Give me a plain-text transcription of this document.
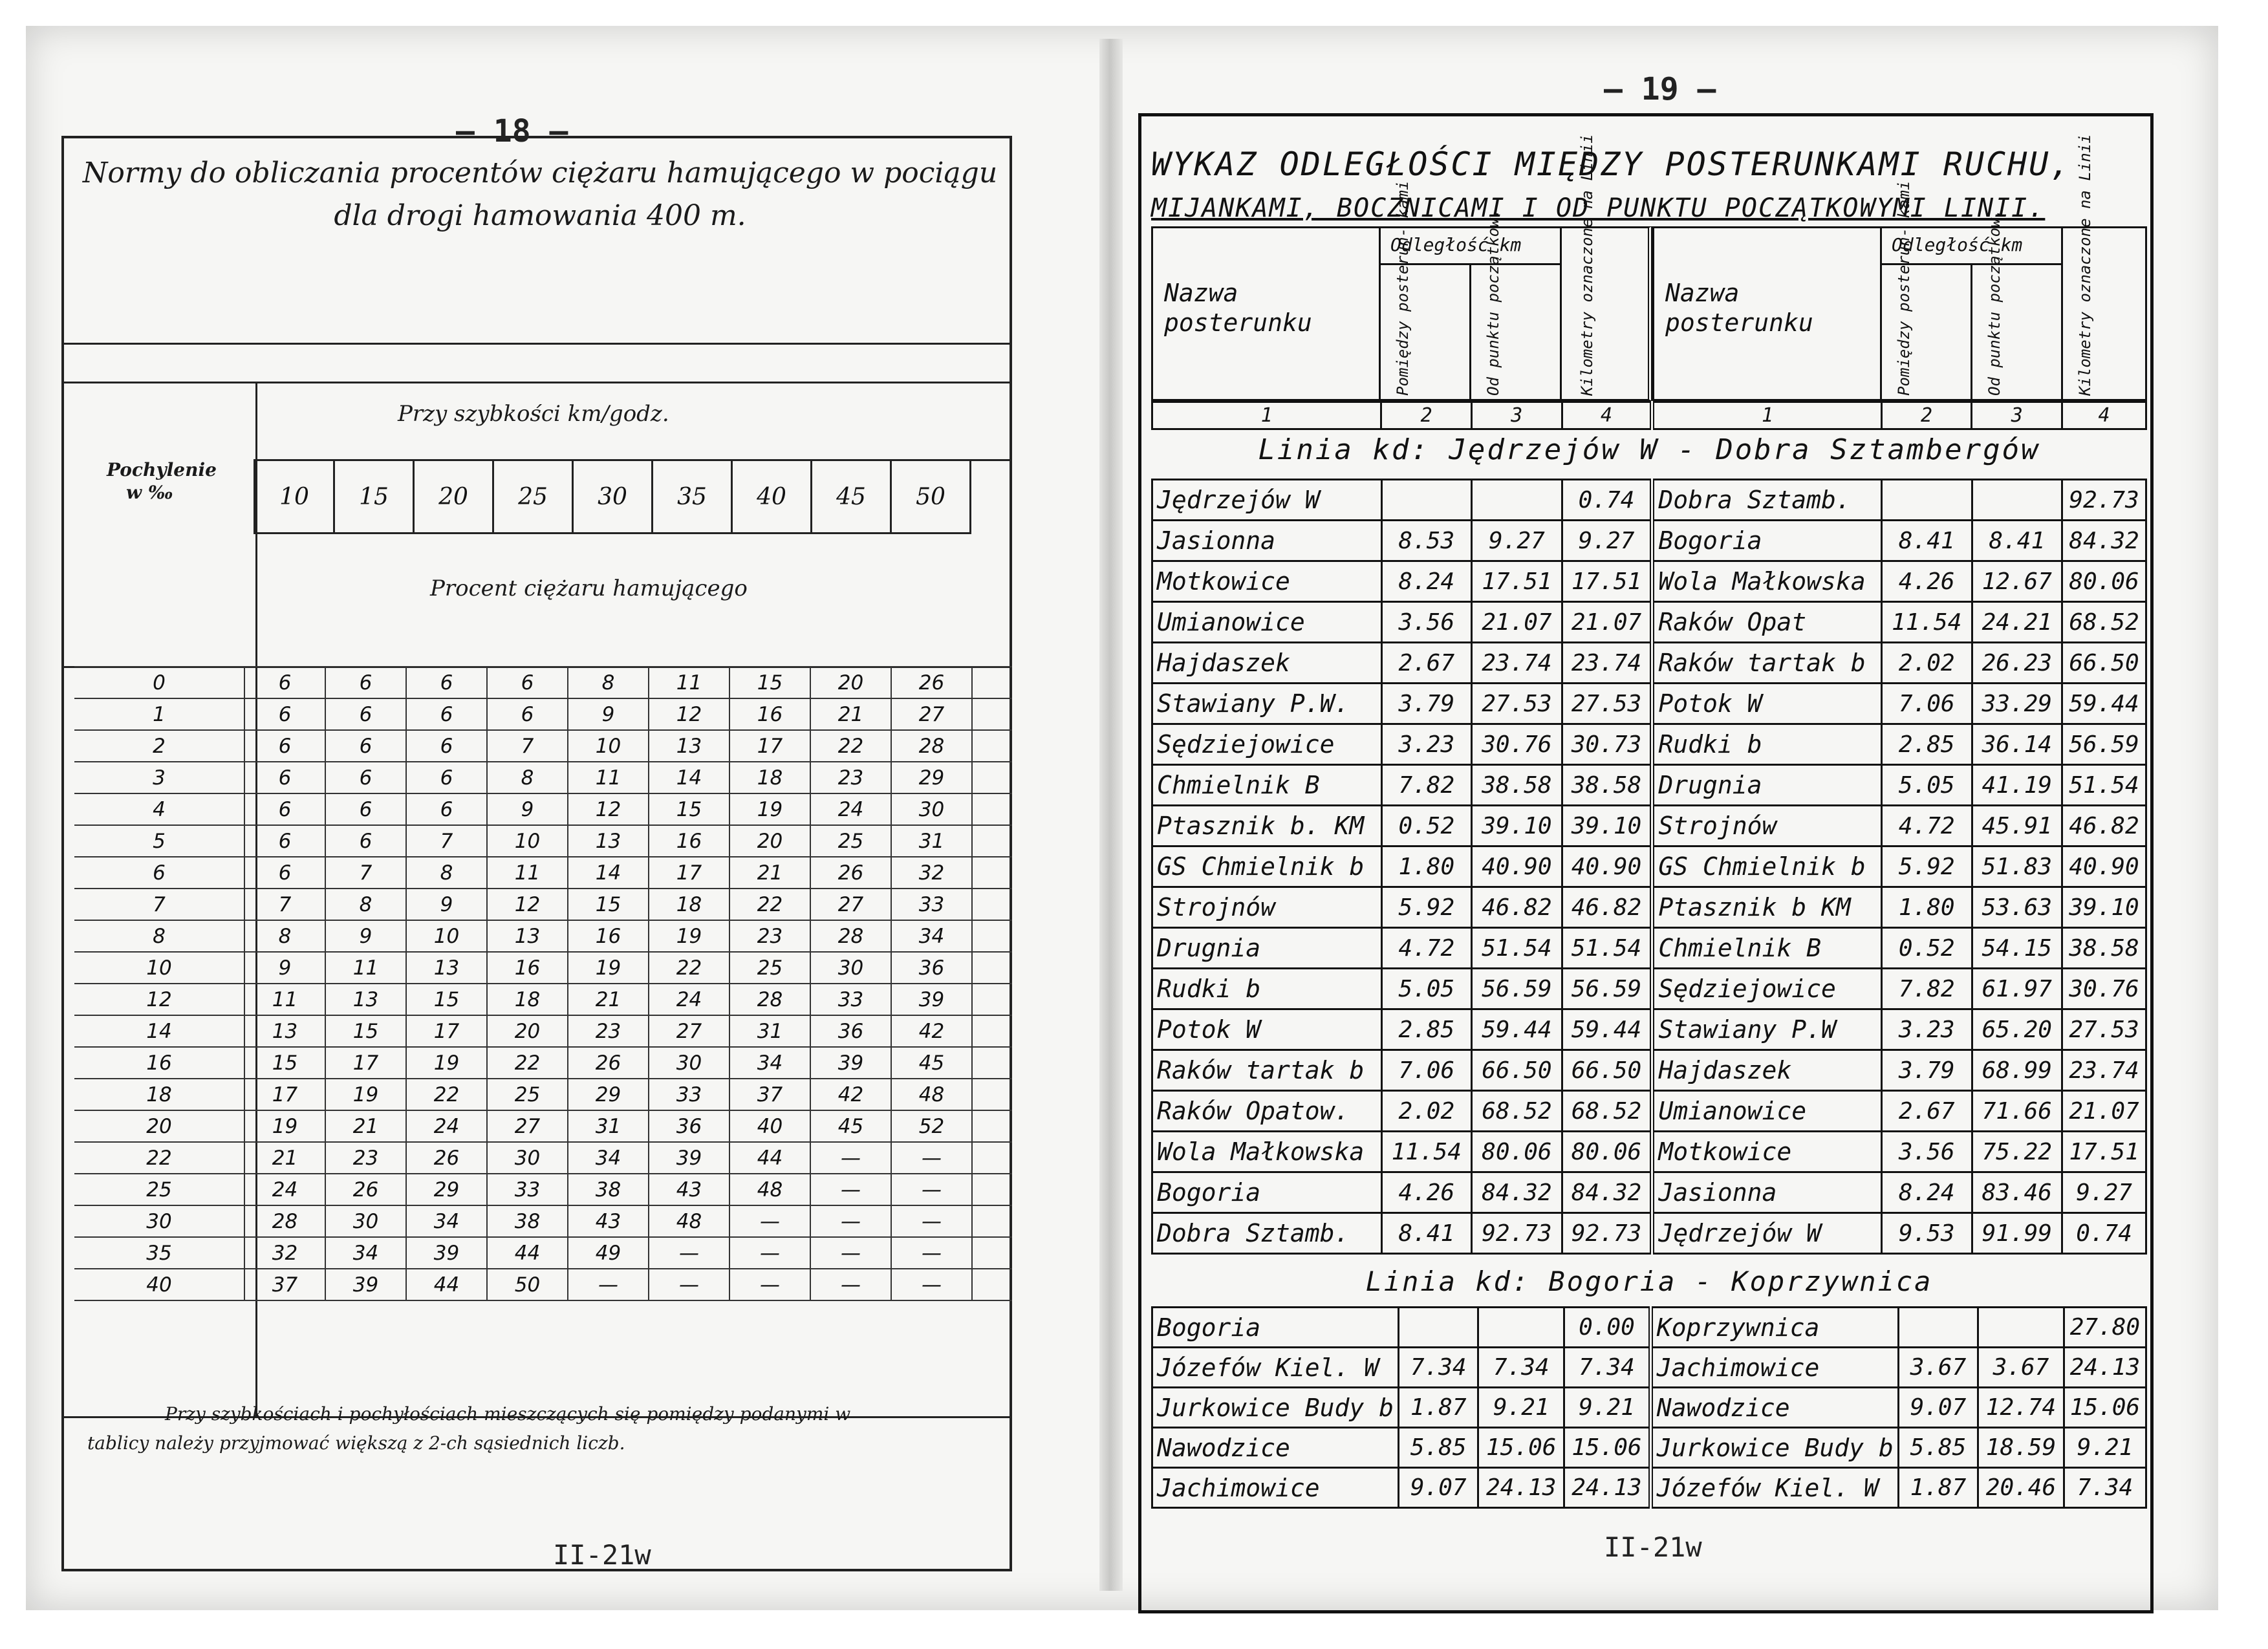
— 18 —
Normy do obliczania procentów ciężaru hamującego w pociągu
dla drogi hamowania 400 m.
Przy szybkości km/godz.
Pochylenie
w ‰	10	15	20	25	30	35	40	45	50
Procent ciężaru hamującego
0	6	6	6	6	8	11	15	20	26	
1	6	6	6	6	9	12	16	21	27	
2	6	6	6	7	10	13	17	22	28	
3	6	6	6	8	11	14	18	23	29	
4	6	6	6	9	12	15	19	24	30	
5	6	6	7	10	13	16	20	25	31	
6	6	7	8	11	14	17	21	26	32	
7	7	8	9	12	15	18	22	27	33	
8	8	9	10	13	16	19	23	28	34	
10	9	11	13	16	19	22	25	30	36	
12	11	13	15	18	21	24	28	33	39	
14	13	15	17	20	23	27	31	36	42	
16	15	17	19	22	26	30	34	39	45	
18	17	19	22	25	29	33	37	42	48	
20	19	21	24	27	31	36	40	45	52	
22	21	23	26	30	34	39	44	—	—	
25	24	26	29	33	38	43	48	—	—	
30	28	30	34	38	43	48	—	—	—	
35	32	34	39	44	49	—	—	—	—	
40	37	39	44	50	—	—	—	—	—	
Przy szybkościach i pochyłościach mieszczących się pomiędzy podanymi w
tablicy należy przyjmować większą z 2-ch sąsiednich liczb.
II-21w
— 19 —
WYKAZ ODLEGŁOŚCI MIĘDZY POSTERUNKAMI RUCHU,
MIJANKAMI, BOCZNICAMI I OD PUNKTU POCZĄTKOWYMI LINII.
Nazwa posterunku
Odległość km
Pomiędzy posterun- kami	Od punktu początkow.	Kilometry oznaczone na Linii	Nazwa posterunku
Odległość km
Pomiędzy posterun- kami	Od punktu początkow.	Kilometry oznaczone na Linii
1	2	3	4	1	2	3	4
Linia kd: Jędrzejów W - Dobra Sztambergów
Jędrzejów W			0.74	Dobra Sztamb.			92.73
Jasionna	8.53	9.27	9.27	Bogoria	8.41	8.41	84.32
Motkowice	8.24	17.51	17.51	Wola Małkowska	4.26	12.67	80.06
Umianowice	3.56	21.07	21.07	Raków Opat	11.54	24.21	68.52
Hajdaszek	2.67	23.74	23.74	Raków tartak b	2.02	26.23	66.50
Stawiany P.W.	3.79	27.53	27.53	Potok W	7.06	33.29	59.44
Sędziejowice	3.23	30.76	30.73	Rudki b	2.85	36.14	56.59
Chmielnik B	7.82	38.58	38.58	Drugnia	5.05	41.19	51.54
Ptasznik b. KM	0.52	39.10	39.10	Strojnów	4.72	45.91	46.82
GS Chmielnik b	1.80	40.90	40.90	GS Chmielnik b	5.92	51.83	40.90
Strojnów	5.92	46.82	46.82	Ptasznik b KM	1.80	53.63	39.10
Drugnia	4.72	51.54	51.54	Chmielnik B	0.52	54.15	38.58
Rudki b	5.05	56.59	56.59	Sędziejowice	7.82	61.97	30.76
Potok W	2.85	59.44	59.44	Stawiany P.W	3.23	65.20	27.53
Raków tartak b	7.06	66.50	66.50	Hajdaszek	3.79	68.99	23.74
Raków Opatow.	2.02	68.52	68.52	Umianowice	2.67	71.66	21.07
Wola Małkowska	11.54	80.06	80.06	Motkowice	3.56	75.22	17.51
Bogoria	4.26	84.32	84.32	Jasionna	8.24	83.46	9.27
Dobra Sztamb.	8.41	92.73	92.73	Jędrzejów W	9.53	91.99	0.74
Linia kd: Bogoria - Koprzywnica
Bogoria			0.00	Koprzywnica			27.80
Józefów Kiel. W	7.34	7.34	7.34	Jachimowice	3.67	3.67	24.13
Jurkowice Budy b	1.87	9.21	9.21	Nawodzice	9.07	12.74	15.06
Nawodzice	5.85	15.06	15.06	Jurkowice Budy b	5.85	18.59	9.21
Jachimowice	9.07	24.13	24.13	Józefów Kiel. W	1.87	20.46	7.34
II-21w
